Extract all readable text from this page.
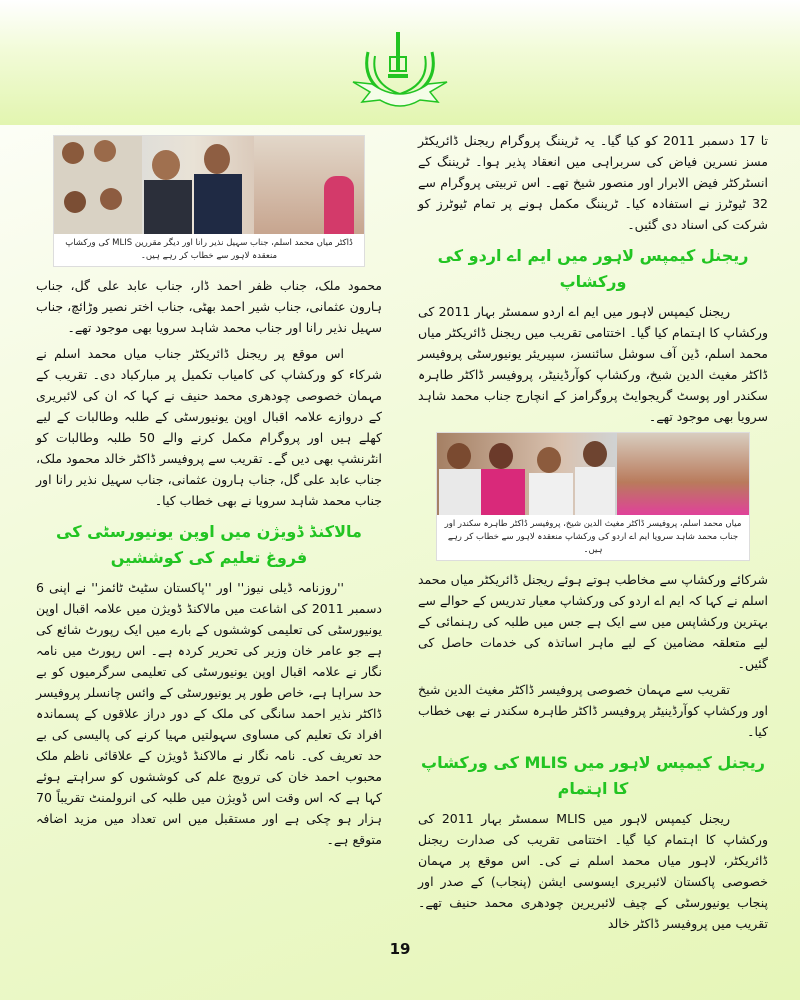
ڈاکٹر میاں محمد اسلم، جناب سہیل نذیر رانا اور دیگر مقررین MLIS کی ورکشاپ منعقدہ لاہور سے خطاب کر رہے ہیں۔

محمود ملک، جناب ظفر احمد ڈار، جناب عابد علی گل، جناب ہارون عثمانی، جناب شیر احمد بھٹی، جناب اختر نصیر وڑائچ، جناب سہیل نذیر رانا اور جناب محمد شاہد سرویا بھی موجود تھے۔

اس موقع پر ریجنل ڈائریکٹر جناب میاں محمد اسلم نے شرکاء کو ورکشاپ کی کامیاب تکمیل پر مبارکباد دی۔ تقریب کے مہمان خصوصی چودھری محمد حنیف نے کہا کہ ان کی لائبریری کے دروازے علامہ اقبال اوپن یونیورسٹی کے طلبہ وطالبات کے لیے کھلے ہیں اور پروگرام مکمل کرنے والے 50 طلبہ وطالبات کو انٹرنشپ بھی دیں گے۔ تقریب سے پروفیسر ڈاکٹر خالد محمود ملک، جناب عابد علی گل، جناب ہارون عثمانی، جناب سہیل نذیر رانا اور جناب محمد شاہد سرویا نے بھی خطاب کیا۔

مالاکنڈ ڈویژن میں اوپن یونیورسٹی کی فروغ تعلیم کی کوششیں

''روزنامہ ڈیلی نیوز'' اور ''پاکستان سٹیٹ ٹائمز'' نے اپنی 6 دسمبر 2011 کی اشاعت میں مالاکنڈ ڈویژن میں علامہ اقبال اوپن یونیورسٹی کی تعلیمی کوششوں کے بارے میں ایک رپورٹ شائع کی ہے جو عامر خان وزیر کی تحریر کردہ ہے۔ اس رپورٹ میں نامہ نگار نے علامہ اقبال اوپن یونیورسٹی کی تعلیمی سرگرمیوں کو بے حد سراہا ہے، خاص طور پر یونیورسٹی کے وائس چانسلر پروفیسر ڈاکٹر نذیر احمد سانگی کی ملک کے دور دراز علاقوں کے پسماندہ افراد تک تعلیم کی مساوی سہولتیں مہیا کرنے کی پالیسی کی بے حد تعریف کی۔ نامہ نگار نے مالاکنڈ ڈویژن کے علاقائی ناظم ملک محبوب احمد خان کی ترویج علم کی کوششوں کو سراہتے ہوئے کہا ہے کہ اس وقت اس ڈویژن میں طلبہ کی انرولمنٹ تقریباً 70 ہزار ہو چکی ہے اور مستقبل میں اس تعداد میں مزید اضافہ متوقع ہے۔

تا 17 دسمبر 2011 کو کیا گیا۔ یہ ٹریننگ پروگرام ریجنل ڈائریکٹر مسز نسرین فیاض کی سربراہی میں انعقاد پذیر ہوا۔ ٹریننگ کے انسٹرکٹر فیض الابرار اور منصور شیخ تھے۔ اس تربیتی پروگرام سے 32 ٹیوٹرز نے استفادہ کیا۔ ٹریننگ مکمل ہونے پر تمام ٹیوٹرز کو شرکت کی اسناد دی گئیں۔

ریجنل کیمپس لاہور میں ایم اے اردو کی ورکشاپ

ریجنل کیمپس لاہور میں ایم اے اردو سمسٹر بہار 2011 کی ورکشاپ کا اہتمام کیا گیا۔ اختتامی تقریب میں ریجنل ڈائریکٹر میاں محمد اسلم، ڈین آف سوشل سائنسز، سپیریئر یونیورسٹی پروفیسر ڈاکٹر مغیث الدین شیخ، ورکشاپ کوآرڈینیٹر، پروفیسر ڈاکٹر طاہرہ سکندر اور پوسٹ گریجوایٹ پروگرامز کے انچارج جناب محمد شاہد سرویا بھی موجود تھے۔

میاں محمد اسلم، پروفیسر ڈاکٹر مغیث الدین شیخ، پروفیسر ڈاکٹر طاہرہ سکندر اور جناب محمد شاہد سرویا ایم اے اردو کی ورکشاپ منعقدہ لاہور سے خطاب کر رہے ہیں۔

شرکائے ورکشاپ سے مخاطب ہوتے ہوئے ریجنل ڈائریکٹر میاں محمد اسلم نے کہا کہ ایم اے اردو کی ورکشاپ معیار تدریس کے حوالے سے بہترین ورکشاپس میں سے ایک ہے جس میں طلبہ کی رہنمائی کے لیے متعلقہ مضامین کے لیے ماہر اساتذہ کی خدمات حاصل کی گئیں۔

تقریب سے مہمان خصوصی پروفیسر ڈاکٹر مغیث الدین شیخ اور ورکشاپ کوآرڈینیٹر پروفیسر ڈاکٹر طاہرہ سکندر نے بھی خطاب کیا۔

ریجنل کیمپس لاہور میں MLIS کی ورکشاپ کا اہتمام

ریجنل کیمپس لاہور میں MLIS سمسٹر بہار 2011 کی ورکشاپ کا اہتمام کیا گیا۔ اختتامی تقریب کی صدارت ریجنل ڈائریکٹر، لاہور میاں محمد اسلم نے کی۔ اس موقع پر مہمان خصوصی پاکستان لائبریری ایسوسی ایشن (پنجاب) کے صدر اور پنجاب یونیورسٹی کے چیف لائبریرین چودھری محمد حنیف تھے۔ تقریب میں پروفیسر ڈاکٹر خالد

19
